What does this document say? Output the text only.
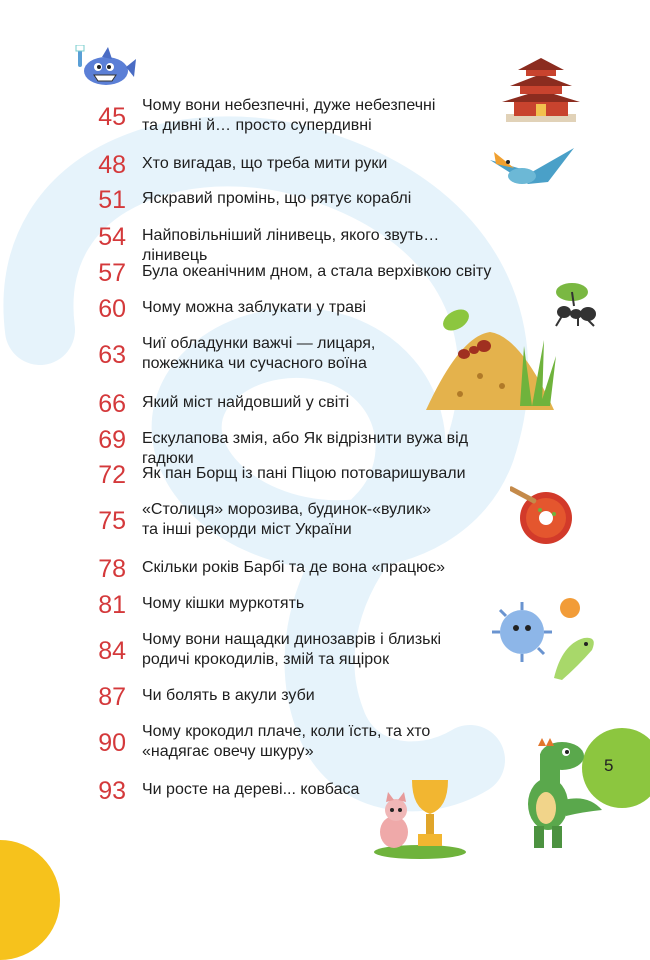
45 Чому вони небезпечні, дуже небезпечні
та дивні й… просто супердивні
48 Хто вигадав, що треба мити руки
51 Яскравий промінь, що рятує кораблі
54 Найповільніший лінивець, якого звуть… лінивець
57 Була океанічним дном, а стала верхівкою світу
60 Чому можна заблукати у траві
63 Чиї обладунки важчі — лицаря,
пожежника чи сучасного воїна
66 Який міст найдовший у світі
69 Ескулапова змія, або Як відрізнити вужа від гадюки
72 Як пан Борщ із пані Піцою потоваришували
75 «Столиця» морозива, будинок-«вулик»
та інші рекорди міст України
78 Скільки років Барбі та де вона «працює»
81 Чому кішки муркотять
84 Чому вони нащадки динозаврів і близькі
родичі крокодилів, змій та ящірок
87 Чи болять в акули зуби
90 Чому крокодил плаче, коли їсть, та хто
«надягає овечу шкуру»
93 Чи росте на дереві... ковбаса
5
